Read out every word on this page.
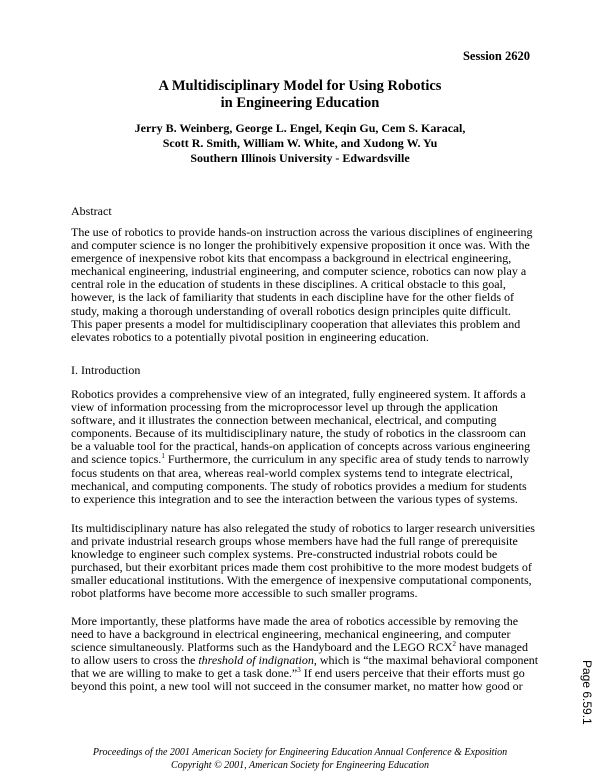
Session 2620
A Multidisciplinary Model for Using Robotics
in Engineering Education
Jerry B. Weinberg, George L. Engel, Keqin Gu, Cem S. Karacal,
Scott R. Smith, William W. White, and Xudong W. Yu
Southern Illinois University - Edwardsville
Abstract
The use of robotics to provide hands-on instruction across the various disciplines of engineering
and computer science is no longer the prohibitively expensive proposition it once was. With the
emergence of inexpensive robot kits that encompass a background in electrical engineering,
mechanical engineering, industrial engineering, and computer science, robotics can now play a
central role in the education of students in these disciplines. A critical obstacle to this goal,
however, is the lack of familiarity that students in each discipline have for the other fields of
study, making a thorough understanding of overall robotics design principles quite difficult.
This paper presents a model for multidisciplinary cooperation that alleviates this problem and
elevates robotics to a potentially pivotal position in engineering education.
I. Introduction
Robotics provides a comprehensive view of an integrated, fully engineered system. It affords a
view of information processing from the microprocessor level up through the application
software, and it illustrates the connection between mechanical, electrical, and computing
components. Because of its multidisciplinary nature, the study of robotics in the classroom can
be a valuable tool for the practical, hands-on application of concepts across various engineering
and science topics.$^1$ Furthermore, the curriculum in any specific area of study tends to narrowly
focus students on that area, whereas real-world complex systems tend to integrate electrical,
mechanical, and computing components. The study of robotics provides a medium for students
to experience this integration and to see the interaction between the various types of systems.
Its multidisciplinary nature has also relegated the study of robotics to larger research universities
and private industrial research groups whose members have had the full range of prerequisite
knowledge to engineer such complex systems. Pre-constructed industrial robots could be
purchased, but their exorbitant prices made them cost prohibitive to the more modest budgets of
smaller educational institutions. With the emergence of inexpensive computational components,
robot platforms have become more accessible to such smaller programs.
More importantly, these platforms have made the area of robotics accessible by removing the
need to have a background in electrical engineering, mechanical engineering, and computer
science simultaneously. Platforms such as the Handyboard and the LEGO RCX$^2$ have managed
to allow users to cross the threshold of indignation, which is “the maximal behavioral component
that we are willing to make to get a task done.”$^3$ If end users perceive that their efforts must go
beyond this point, a new tool will not succeed in the consumer market, no matter how good or
Proceedings of the 2001 American Society for Engineering Education Annual Conference & Exposition
Copyright © 2001, American Society for Engineering Education
Page 6.59.1
